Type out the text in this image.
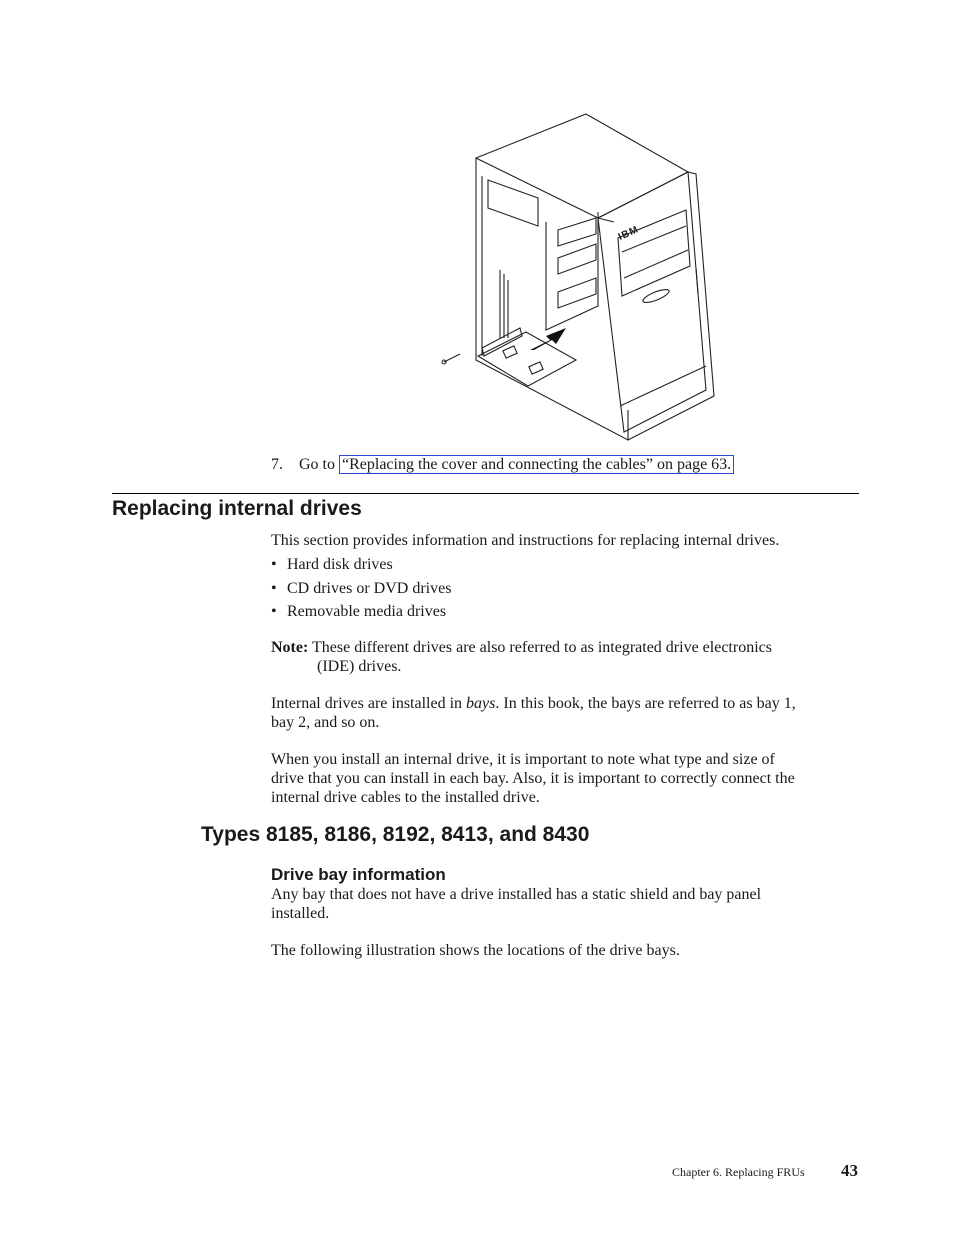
IBM
7. Go to “Replacing the cover and connecting the cables” on page 63.
Replacing internal drives
This section provides information and instructions for replacing internal drives.
• Hard disk drives
• CD drives or DVD drives
• Removable media drives
Note: These different drives are also referred to as integrated drive electronics
(IDE) drives.
Internal drives are installed in bays. In this book, the bays are referred to as bay 1,
bay 2, and so on.
When you install an internal drive, it is important to note what type and size of
drive that you can install in each bay. Also, it is important to correctly connect the
internal drive cables to the installed drive.
Types 8185, 8186, 8192, 8413, and 8430
Drive bay information
Any bay that does not have a drive installed has a static shield and bay panel
installed.
The following illustration shows the locations of the drive bays.
Chapter 6. Replacing FRUs 43
